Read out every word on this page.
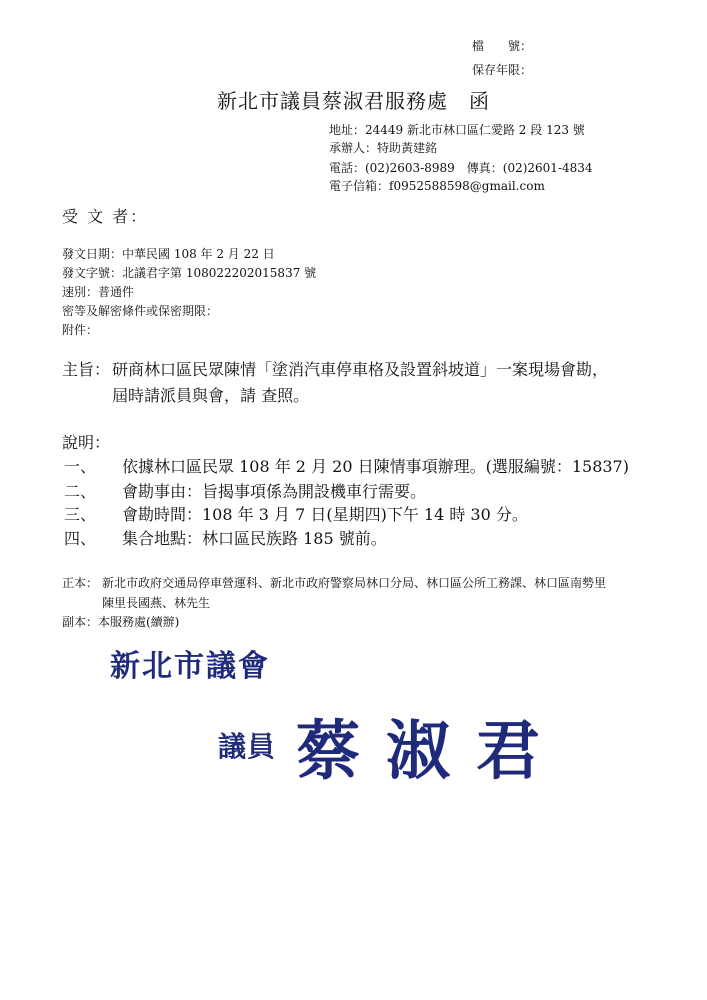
檔　　號：
保存年限：
新北市議員蔡淑君服務處　函
地址：24449 新北市林口區仁愛路 2 段 123 號
承辦人：特助黃建銘
電話：(02)2603-8989　傳真：(02)2601-4834
電子信箱：f0952588598@gmail.com
受 文 者：
發文日期：中華民國 108 年 2 月 22 日
發文字號：北議君字第 108022202015837 號
速別：普通件
密等及解密條件或保密期限：
附件：
主旨： 研商林口區民眾陳情「塗消汽車停車格及設置斜坡道」一案現場會勘，
屆時請派員與會，請 查照。
說明：
一、 依據林口區民眾 108 年 2 月 20 日陳情事項辦理。(選服編號：15837)
二、 會勘事由：旨揭事項係為開設機車行需要。
三、 會勘時間：108 年 3 月 7 日(星期四)下午 14 時 30 分。
四、 集合地點：林口區民族路 185 號前。
正本： 新北市政府交通局停車營運科、新北市政府警察局林口分局、林口區公所工務課、林口區南勢里
陳里長國燕、林先生
副本：本服務處(續辦)
新北市議會
議員 蔡淑君
